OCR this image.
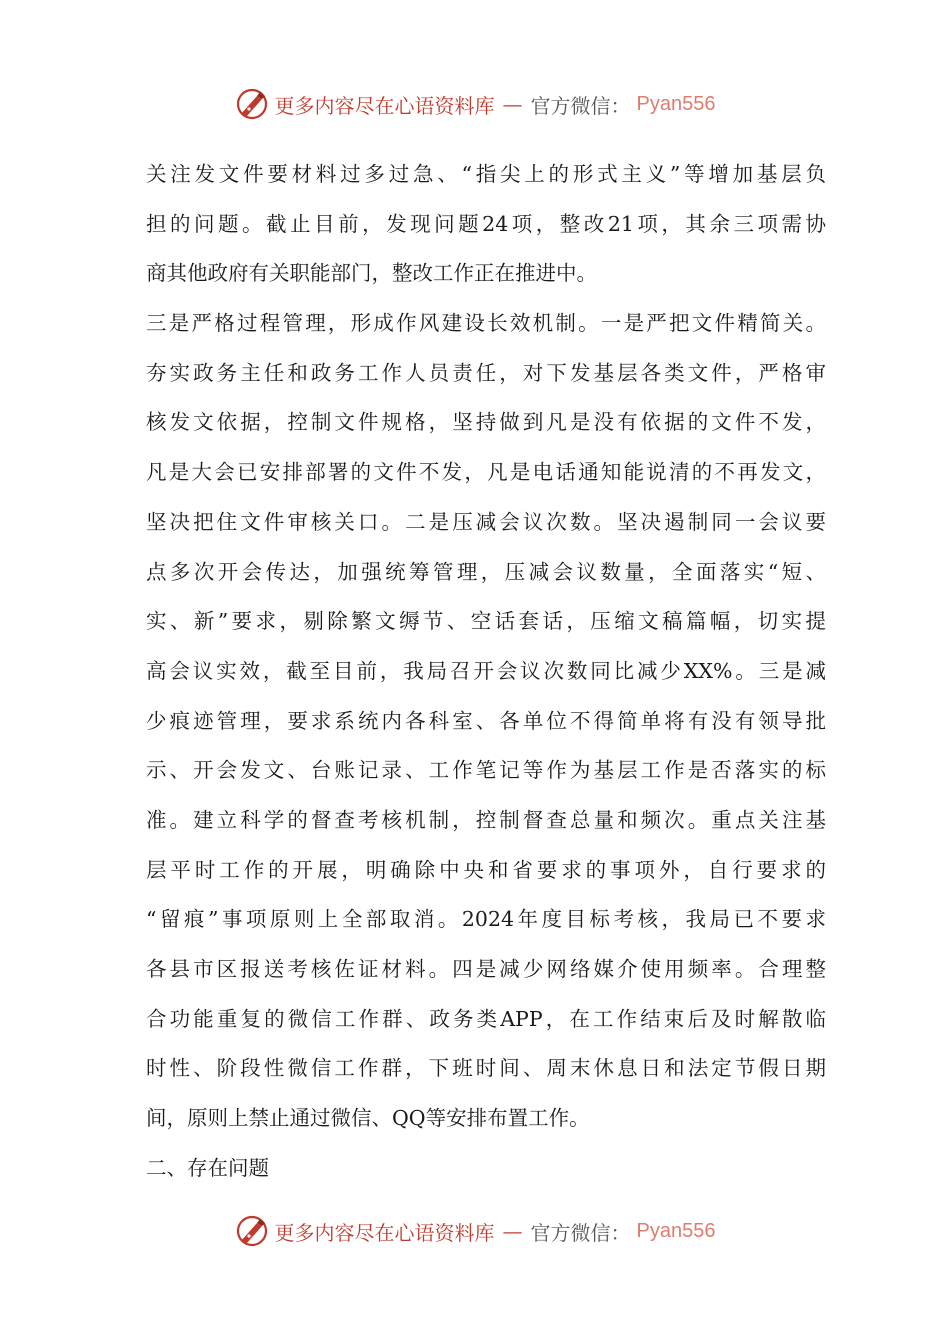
更多内容尽在心语资料库 — 官方微信： Pyan556
关注发文件要材料过多过急、“指尖上的形式主义”等增加基层负
担的问题。截止目前，发现问题24项，整改21项，其余三项需协
商其他政府有关职能部门，整改工作正在推进中。
三是严格过程管理，形成作风建设长效机制。一是严把文件精简关。
夯实政务主任和政务工作人员责任，对下发基层各类文件，严格审
核发文依据，控制文件规格，坚持做到凡是没有依据的文件不发，
凡是大会已安排部署的文件不发，凡是电话通知能说清的不再发文，
坚决把住文件审核关口。二是压减会议次数。坚决遏制同一会议要
点多次开会传达，加强统筹管理，压减会议数量，全面落实“短、
实、新”要求，剔除繁文缛节、空话套话，压缩文稿篇幅，切实提
高会议实效，截至目前，我局召开会议次数同比减少XX%。三是减
少痕迹管理，要求系统内各科室、各单位不得简单将有没有领导批
示、开会发文、台账记录、工作笔记等作为基层工作是否落实的标
准。建立科学的督查考核机制，控制督查总量和频次。重点关注基
层平时工作的开展，明确除中央和省要求的事项外，自行要求的
“留痕”事项原则上全部取消。2024年度目标考核，我局已不要求
各县市区报送考核佐证材料。四是减少网络媒介使用频率。合理整
合功能重复的微信工作群、政务类APP，在工作结束后及时解散临
时性、阶段性微信工作群，下班时间、周末休息日和法定节假日期
间，原则上禁止通过微信、QQ等安排布置工作。
二、存在问题
更多内容尽在心语资料库 — 官方微信： Pyan556
